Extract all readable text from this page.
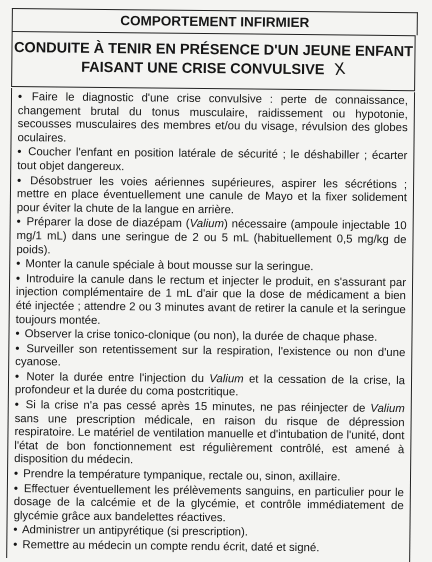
COMPORTEMENT INFIRMIER
CONDUITE À TENIR EN PRÉSENCE D'UN JEUNE ENFANT
FAISANT UNE CRISE CONVULSIVE X

• Faire le diagnostic d'une crise convulsive : perte de connaissance, changement brutal du tonus musculaire, raidissement ou hypotonie, secousses musculaires des membres et/ou du visage, révulsion des globes oculaires.

• Coucher l'enfant en position latérale de sécurité ; le déshabiller ; écarter tout objet dangereux.

• Désobstruer les voies aériennes supérieures, aspirer les sécrétions ; mettre en place éventuellement une canule de Mayo et la fixer solidement pour éviter la chute de la langue en arrière.

• Préparer la dose de diazépam (Valium) nécessaire (ampoule injectable 10 mg/1 mL) dans une seringue de 2 ou 5 mL (habituellement 0,5 mg/kg de poids).

• Monter la canule spéciale à bout mousse sur la seringue.

• Introduire la canule dans le rectum et injecter le produit, en s'assurant par injection complémentaire de 1 mL d'air que la dose de médicament a bien été injectée ; attendre 2 ou 3 minutes avant de retirer la canule et la seringue toujours montée.

• Observer la crise tonico-clonique (ou non), la durée de chaque phase.

• Surveiller son retentissement sur la respiration, l'existence ou non d'une cyanose.

• Noter la durée entre l'injection du Valium et la cessation de la crise, la profondeur et la durée du coma postcritique.

• Si la crise n'a pas cessé après 15 minutes, ne pas réinjecter de Valium sans une prescription médicale, en raison du risque de dépression respiratoire. Le matériel de ventilation manuelle et d'intubation de l'unité, dont l'état de bon fonctionnement est régulièrement contrôlé, est amené à disposition du médecin.

• Prendre la température tympanique, rectale ou, sinon, axillaire.

• Effectuer éventuellement les prélèvements sanguins, en particulier pour le dosage de la calcémie et de la glycémie, et contrôle immédiatement de glycémie grâce aux bandelettes réactives.

• Administrer un antipyrétique (si prescription).

• Remettre au médecin un compte rendu écrit, daté et signé.
